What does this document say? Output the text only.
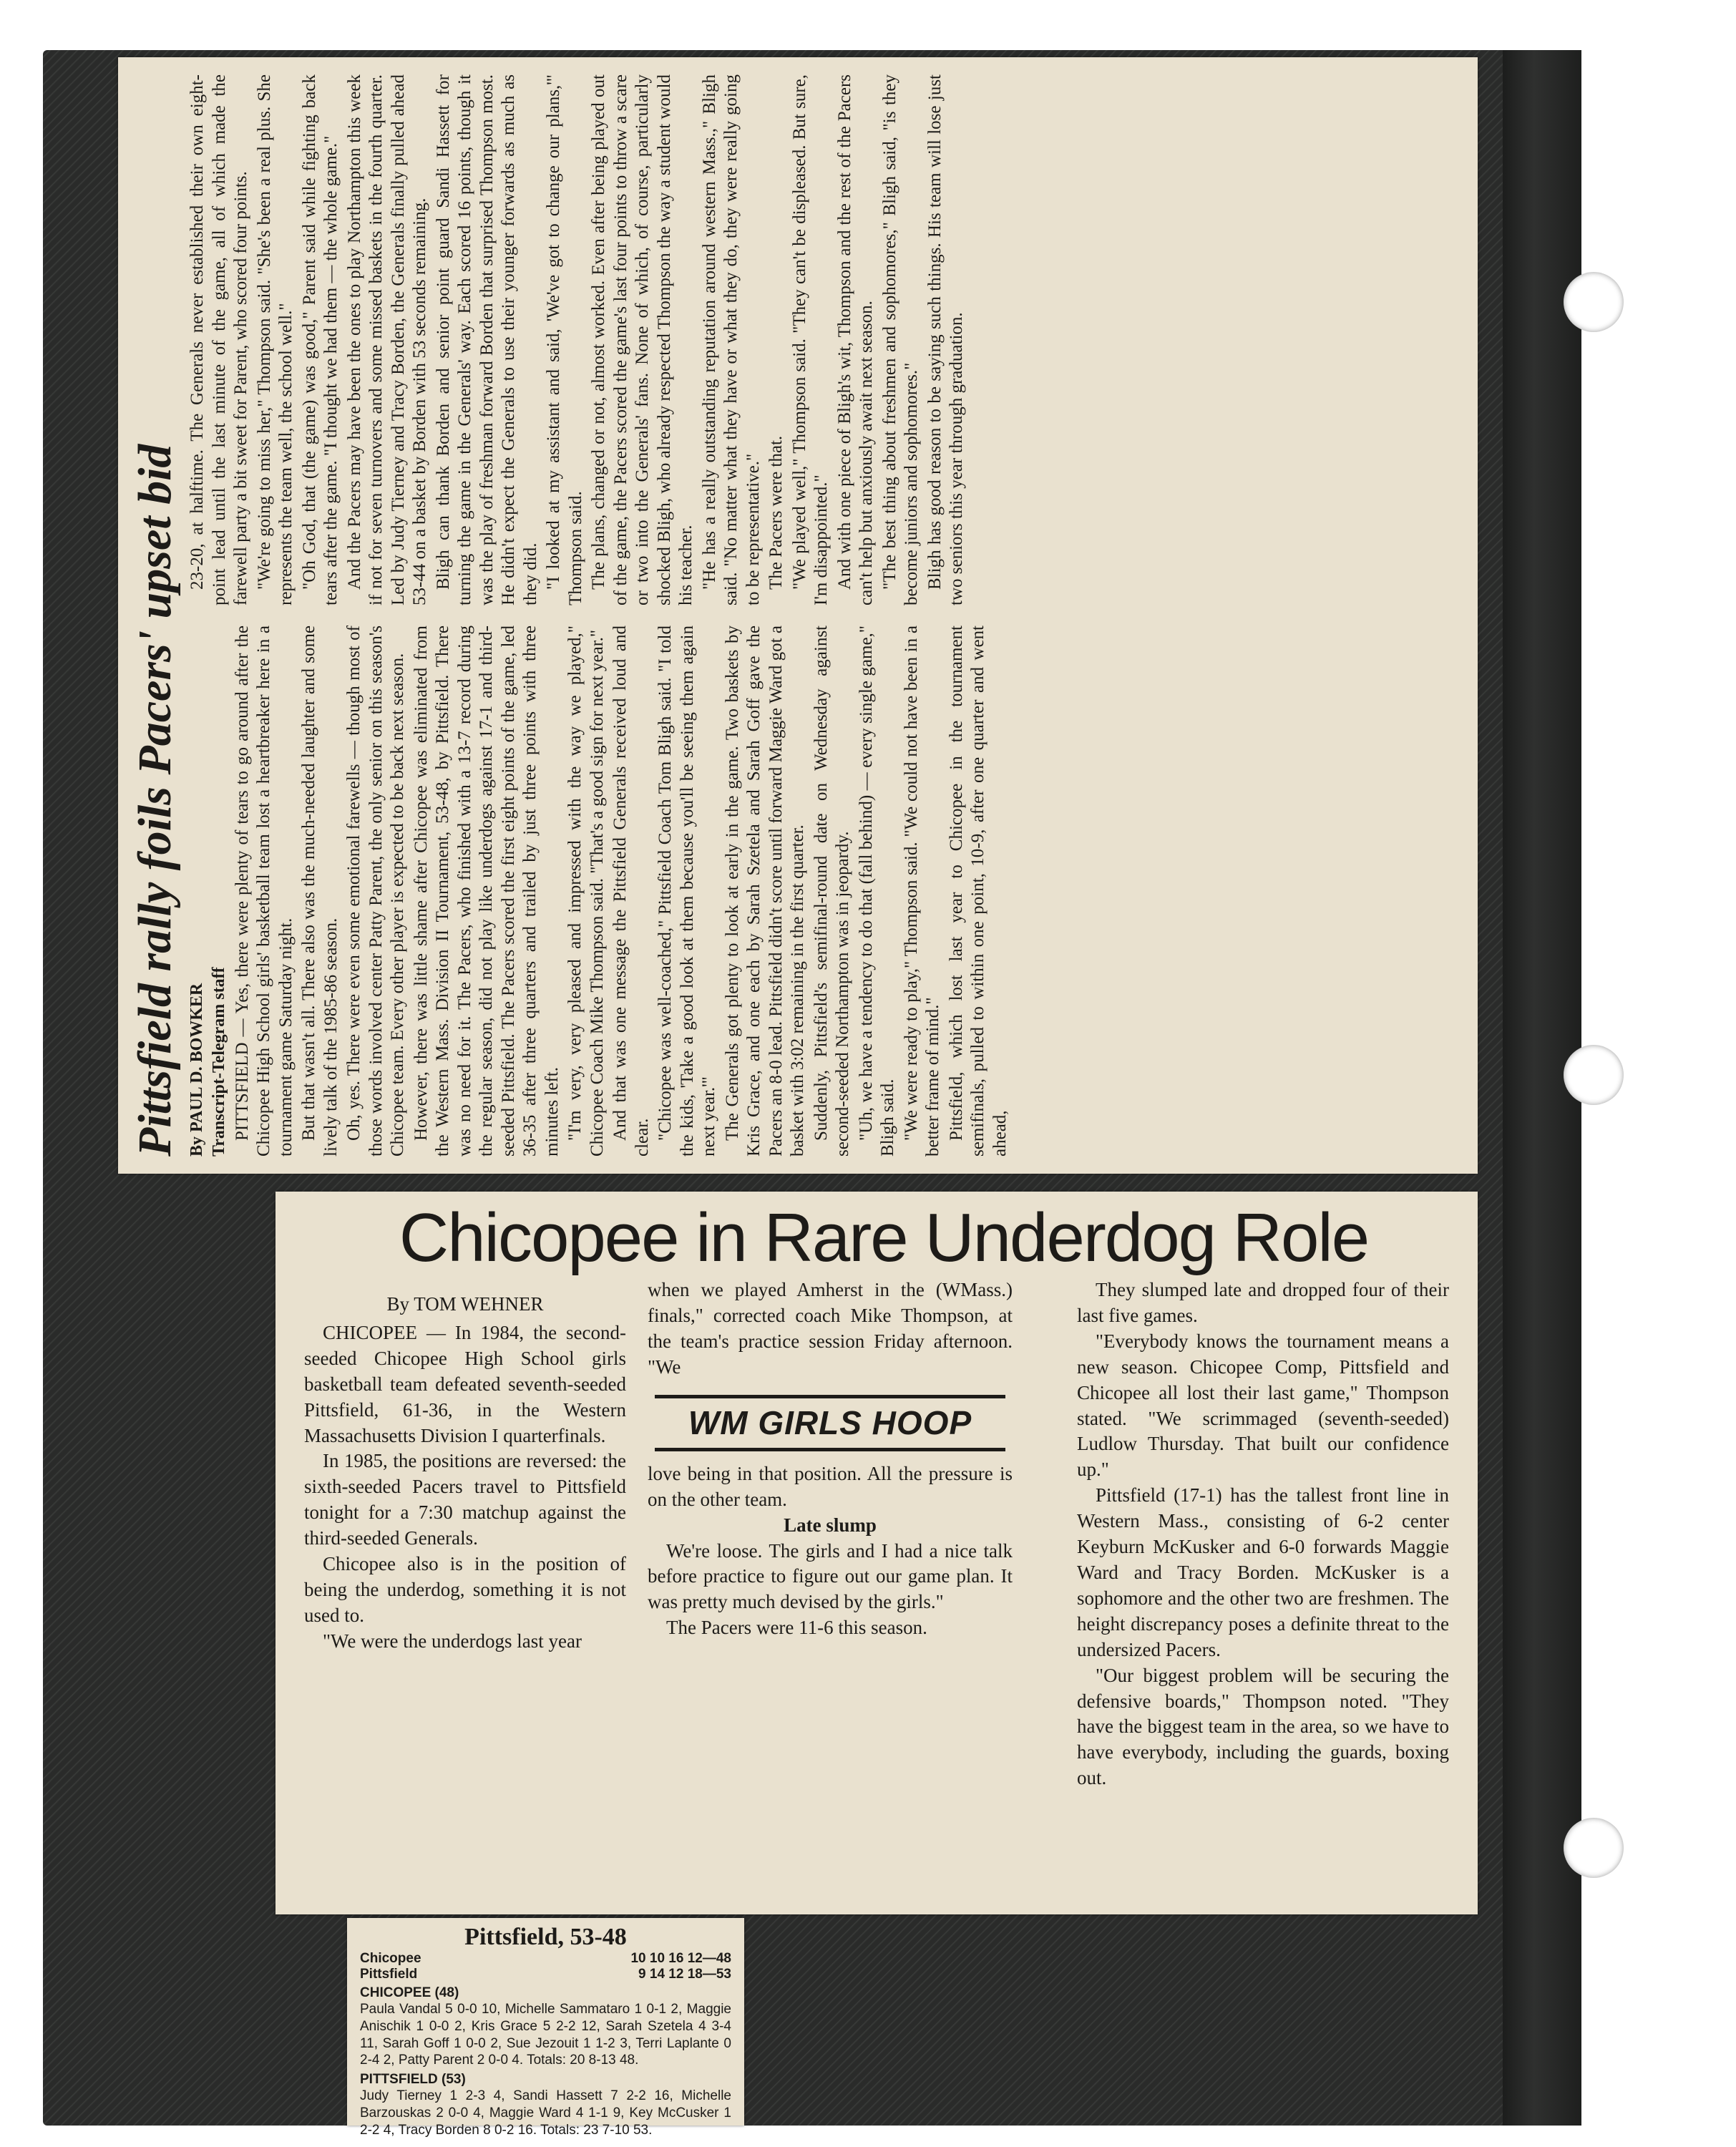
Pittsfield rally foils Pacers' upset bid By PAUL D. BOWKER Transcript-Telegram staff PITTSFIELD — Yes, there were plenty of tears to go around after the Chicopee High School girls' basketball team lost a heartbreaker here in a tournament game Saturday night. But that wasn't all. There also was the much-needed laughter and some lively talk of the 1985-86 season. Oh, yes. There were even some emotional farewells — though most of those words involved center Patty Parent, the only senior on this season's Chicopee team. Every other player is expected to be back next season. However, there was little shame after Chicopee was eliminated from the Western Mass. Division II Tournament, 53-48, by Pittsfield. There was no need for it. The Pacers, who finished with a 13-7 record during the regular season, did not play like underdogs against 17-1 and third-seeded Pittsfield. The Pacers scored the first eight points of the game, led 36-35 after three quarters and trailed by just three points with three minutes left. "I'm very, very pleased and impressed with the way we played," Chicopee Coach Mike Thompson said. "That's a good sign for next year." And that was one message the Pittsfield Generals received loud and clear. "Chicopee was well-coached," Pittsfield Coach Tom Bligh said. "I told the kids, 'Take a good look at them because you'll be seeing them again next year.'" The Generals got plenty to look at early in the game. Two baskets by Kris Grace, and one each by Sarah Szetela and Sarah Goff gave the Pacers an 8-0 lead. Pittsfield didn't score until forward Maggie Ward got a basket with 3:02 remaining in the first quarter. Suddenly, Pittsfield's semifinal-round date on Wednesday against second-seeded Northampton was in jeopardy. "Uh, we have a tendency to do that (fall behind) — every single game," Bligh said. "We were ready to play," Thompson said. "We could not have been in a better frame of mind." Pittsfield, which lost last year to Chicopee in the tournament semifinals, pulled to within one point, 10-9, after one quarter and went ahead,

23-20, at halftime. The Generals never established their own eight-point lead until the last minute of the game, all of which made the farewell party a bit sweet for Parent, who scored four points. "We're going to miss her," Thompson said. "She's been a real plus. She represents the team well, the school well." "Oh God, that (the game) was good," Parent said while fighting back tears after the game. "I thought we had them — the whole game." And the Pacers may have been the ones to play Northampton this week if not for seven turnovers and some missed baskets in the fourth quarter. Led by Judy Tierney and Tracy Borden, the Generals finally pulled ahead 53-44 on a basket by Borden with 53 seconds remaining. Bligh can thank Borden and senior point guard Sandi Hassett for turning the game in the Generals' way. Each scored 16 points, though it was the play of freshman forward Borden that surprised Thompson most. He didn't expect the Generals to use their younger forwards as much as they did. "I looked at my assistant and said, 'We've got to change our plans,'" Thompson said. The plans, changed or not, almost worked. Even after being played out of the game, the Pacers scored the game's last four points to throw a scare or two into the Generals' fans. None of which, of course, particularly shocked Bligh, who already respected Thompson the way a student would his teacher. "He has a really outstanding reputation around western Mass.," Bligh said. "No matter what they have or what they do, they were really going to be representative." The Pacers were that. "We played well," Thompson said. "They can't be displeased. But sure, I'm disappointed." And with one piece of Bligh's wit, Thompson and the rest of the Pacers can't help but anxiously await next season. "The best thing about freshmen and sophomores," Bligh said, "is they become juniors and sophomores." Bligh has good reason to be saying such things. His team will lose just two seniors this year through graduation.

Chicopee in Rare Underdog Role

By TOM WEHNER

CHICOPEE — In 1984, the second-seeded Chicopee High School girls basketball team defeated seventh-seeded Pittsfield, 61-36, in the Western Massachusetts Division I quarterfinals.

In 1985, the positions are reversed: the sixth-seeded Pacers travel to Pittsfield tonight for a 7:30 matchup against the third-seeded Generals.

Chicopee also is in the position of being the underdog, something it is not used to.

"We were the underdogs last year

when we played Amherst in the (WMass.) finals," corrected coach Mike Thompson, at the team's practice session Friday afternoon. "We

WM GIRLS HOOP

love being in that position. All the pressure is on the other team.

Late slump

We're loose. The girls and I had a nice talk before practice to figure out our game plan. It was pretty much devised by the girls."

The Pacers were 11-6 this season.

They slumped late and dropped four of their last five games.

"Everybody knows the tournament means a new season. Chicopee Comp, Pittsfield and Chicopee all lost their last game," Thompson stated. "We scrimmaged (seventh-seeded) Ludlow Thursday. That built our confidence up."

Pittsfield (17-1) has the tallest front line in Western Mass., consisting of 6-2 center Keyburn McKusker and 6-0 forwards Maggie Ward and Tracy Borden. McKusker is a sophomore and the other two are freshmen. The height discrepancy poses a definite threat to the undersized Pacers.

"Our biggest problem will be securing the defensive boards," Thompson noted. "They have the biggest team in the area, so we have to have everybody, including the guards, boxing out.

Pittsfield, 53-48
Chicopee	10 10 16 12—48
Pittsfield	9 14 12 18—53
CHICOPEE (48)
Paula Vandal 5 0-0 10, Michelle Sammataro 1 0-1 2, Maggie Anischik 1 0-0 2, Kris Grace 5 2-2 12, Sarah Szetela 4 3-4 11, Sarah Goff 1 0-0 2, Sue Jezouit 1 1-2 3, Terri Laplante 0 2-4 2, Patty Parent 2 0-0 4. Totals: 20 8-13 48.
PITTSFIELD (53)
Judy Tierney 1 2-3 4, Sandi Hassett 7 2-2 16, Michelle Barzouskas 2 0-0 4, Maggie Ward 4 1-1 9, Key McCusker 1 2-2 4, Tracy Borden 8 0-2 16. Totals: 23 7-10 53.
